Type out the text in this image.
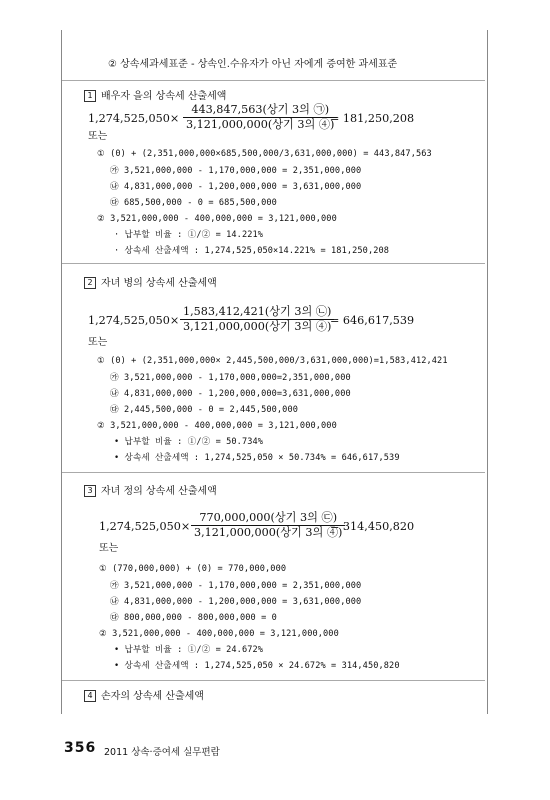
② 상속세과세표준 - 상속인.수유자가 아닌 자에게 증여한 과세표준
1 배우자 을의 상속세 산출세액
1,274,525,050×
443,847,563(상기 3의 ㉠)
3,121,000,000(상기 3의 ④)
= 181,250,208
또는
① (0) + (2,351,000,000×685,500,000/3,631,000,000) = 443,847,563
㉮ 3,521,000,000 - 1,170,000,000 = 2,351,000,000
㉯ 4,831,000,000 - 1,200,000,000 = 3,631,000,000
㉰ 685,500,000 - 0 = 685,500,000
② 3,521,000,000 - 400,000,000 = 3,121,000,000
· 납부할 비율 : ①/② = 14.221%
· 상속세 산출세액 : 1,274,525,050×14.221% = 181,250,208
2 자녀 병의 상속세 산출세액
1,274,525,050×
1,583,412,421(상기 3의 ㉡)
3,121,000,000(상기 3의 ④)
= 646,617,539
또는
① (0) + (2,351,000,000× 2,445,500,000/3,631,000,000)=1,583,412,421
㉮ 3,521,000,000 - 1,170,000,000=2,351,000,000
㉯ 4,831,000,000 - 1,200,000,000=3,631,000,000
㉰ 2,445,500,000 - 0 = 2,445,500,000
② 3,521,000,000 - 400,000,000 = 3,121,000,000
• 납부할 비율 : ①/② = 50.734%
• 상속세 산출세액 : 1,274,525,050 × 50.734% = 646,617,539
3 자녀 정의 상속세 산출세액
1,274,525,050×
770,000,000(상기 3의 ㉢)
3,121,000,000(상기 3의 ④)
= 314,450,820
또는
① (770,000,000) + (0) = 770,000,000
㉮ 3,521,000,000 - 1,170,000,000 = 2,351,000,000
㉯ 4,831,000,000 - 1,200,000,000 = 3,631,000,000
㉰ 800,000,000 - 800,000,000 = 0
② 3,521,000,000 - 400,000,000 = 3,121,000,000
• 납부할 비율 : ①/② = 24.672%
• 상속세 산출세액 : 1,274,525,050 × 24.672% = 314,450,820
4 손자의 상속세 산출세액
356 2011 상속·증여세 실무편람
